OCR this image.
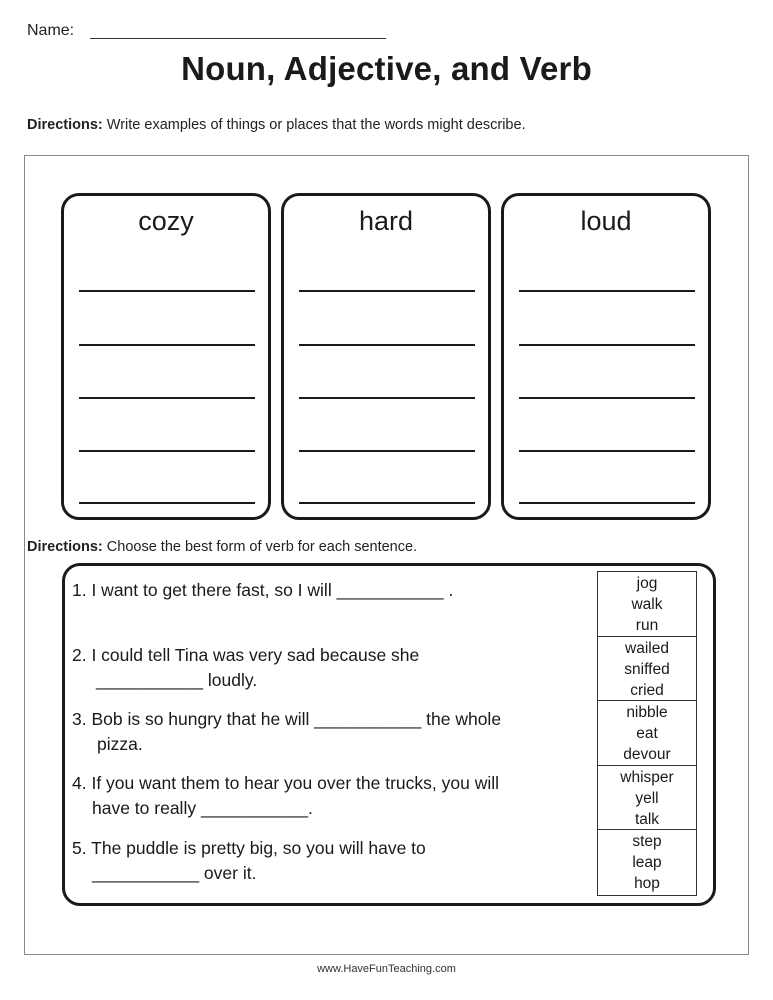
Name:
Noun, Adjective, and Verb
Directions: Write examples of things or places that the words might describe.
cozy	hard	loud
Directions: Choose the best form of verb for each sentence.
1. I want to get there fast, so I will ___________ .
2. I could tell Tina was very sad because she
___________ loudly.
3. Bob is so hungry that he will ___________ the whole
pizza.
4. If you want them to hear you over the trucks, you will
have to really ___________.
5. The puddle is pretty big, so you will have to
___________ over it.
jog
walk
run
wailed
sniffed
cried
nibble
eat
devour
whisper
yell
talk
step
leap
hop
www.HaveFunTeaching.com
